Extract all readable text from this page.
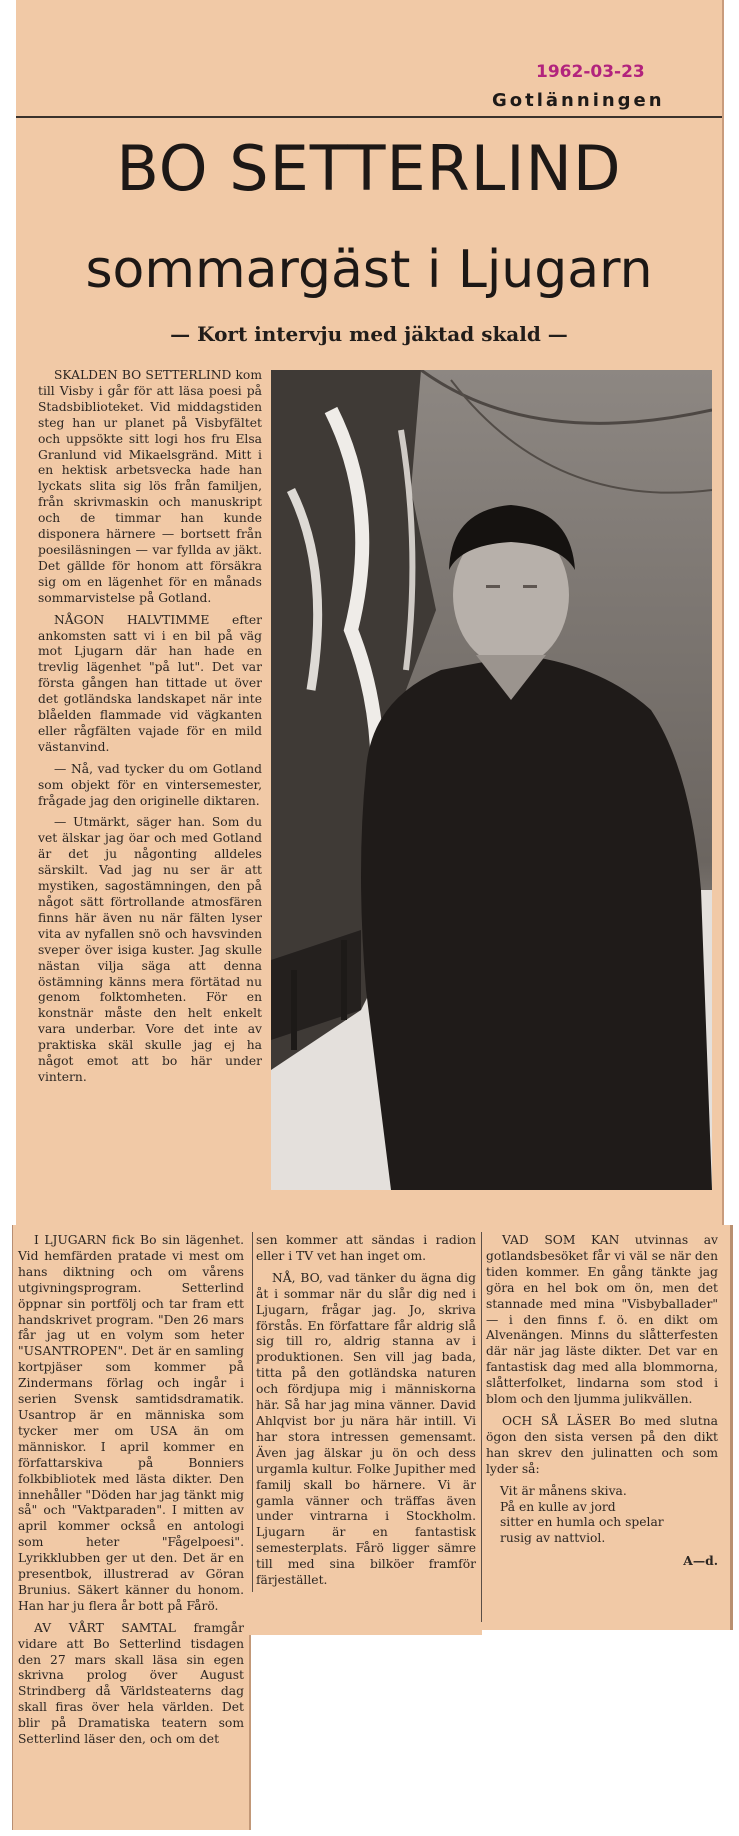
1962-03-23
Gotlänningen
BO SETTERLIND
sommargäst i Ljugarn
— Kort intervju med jäktad skald —

SKALDEN BO SETTERLIND kom till Visby i går för att läsa poesi på Stadsbiblioteket. Vid middagstiden steg han ur planet på Visbyfältet och uppsökte sitt logi hos fru Elsa Granlund vid Mikaelsgränd. Mitt i en hektisk arbetsvecka hade han lyckats slita sig lös från familjen, från skrivmaskin och manuskript och de timmar han kunde disponera härnere — bortsett från poesiläsningen — var fyllda av jäkt. Det gällde för honom att försäkra sig om en lägenhet för en månads sommarvistelse på Gotland.

NÅGON HALVTIMME efter ankomsten satt vi i en bil på väg mot Ljugarn där han hade en trevlig lägenhet "på lut". Det var första gången han tittade ut över det gotländska landskapet när inte blåelden flammade vid vägkanten eller rågfälten vajade för en mild västanvind.

— Nå, vad tycker du om Gotland som objekt för en vintersemester, frågade jag den originelle diktaren.

— Utmärkt, säger han. Som du vet älskar jag öar och med Gotland är det ju någonting alldeles särskilt. Vad jag nu ser är att mystiken, sagostämningen, den på något sätt förtrollande atmosfären finns här även nu när fälten lyser vita av nyfallen snö och havsvinden sveper över isiga kuster. Jag skulle nästan vilja säga att denna östämning känns mera förtätad nu genom folktomheten. För en konstnär måste den helt enkelt vara underbar. Vore det inte av praktiska skäl skulle jag ej ha något emot att bo här under vintern.

I LJUGARN fick Bo sin lägenhet. Vid hemfärden pratade vi mest om hans diktning och om vårens utgivningsprogram. Setterlind öppnar sin portfölj och tar fram ett handskrivet program. "Den 26 mars får jag ut en volym som heter "USANTROPEN". Det är en samling kortpjäser som kommer på Zindermans förlag och ingår i serien Svensk samtidsdramatik. Usantrop är en människa som tycker mer om USA än om människor. I april kommer en författarskiva på Bonniers folkbibliotek med lästa dikter. Den innehåller "Döden har jag tänkt mig så" och "Vaktparaden". I mitten av april kommer också en antologi som heter "Fågelpoesi". Lyrikklubben ger ut den. Det är en presentbok, illustrerad av Göran Brunius. Säkert känner du honom. Han har ju flera år bott på Fårö.

AV VÅRT SAMTAL framgår vidare att Bo Setterlind tisdagen den 27 mars skall läsa sin egen skrivna prolog över August Strindberg då Världsteaterns dag skall firas över hela världen. Det blir på Dramatiska teatern som Setterlind läser den, och om det

sen kommer att sändas i radion eller i TV vet han inget om.

NÅ, BO, vad tänker du ägna dig åt i sommar när du slår dig ned i Ljugarn, frågar jag. Jo, skriva förstås. En författare får aldrig slå sig till ro, aldrig stanna av i produktionen. Sen vill jag bada, titta på den gotländska naturen och fördjupa mig i människorna här. Så har jag mina vänner. David Ahlqvist bor ju nära här intill. Vi har stora intressen gemensamt. Även jag älskar ju ön och dess urgamla kultur. Folke Jupither med familj skall bo härnere. Vi är gamla vänner och träffas även under vintrarna i Stockholm. Ljugarn är en fantastisk semesterplats. Fårö ligger sämre till med sina bilköer framför färjestället.

VAD SOM KAN utvinnas av gotlandsbesöket får vi väl se när den tiden kommer. En gång tänkte jag göra en hel bok om ön, men det stannade med mina "Visbyballader" — i den finns f. ö. en dikt om Alvenängen. Minns du slåtterfesten där när jag läste dikter. Det var en fantastisk dag med alla blommorna, slåtterfolket, lindarna som stod i blom och den ljumma julikvällen.

OCH SÅ LÄSER Bo med slutna ögon den sista versen på den dikt han skrev den julinatten och som lyder så:

Vit är månens skiva.
På en kulle av jord
sitter en humla och spelar
rusig av nattviol.
A—d.
